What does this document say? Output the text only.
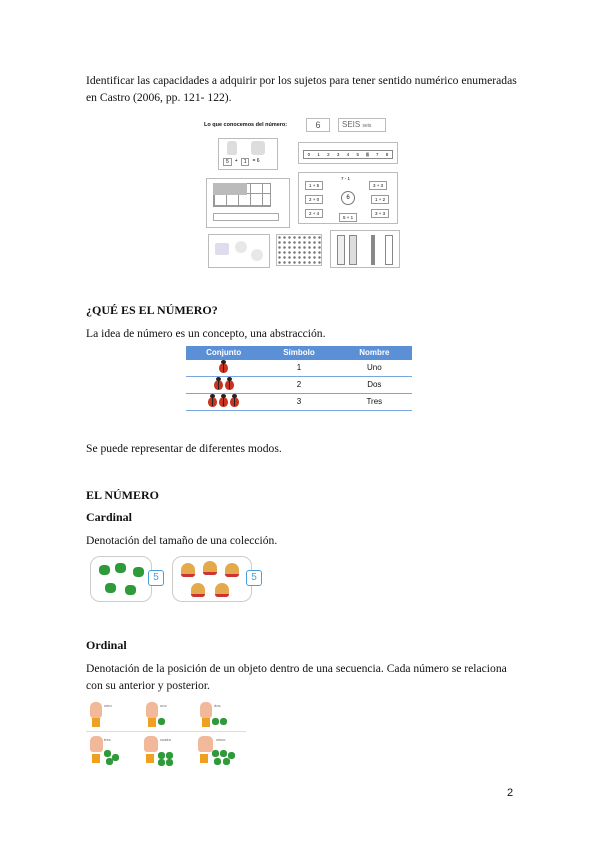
Identificar las capacidades a adquirir por los sujetos para tener sentido numérico enumeradas en Castro (2006, pp. 121- 122).
Lo que conocemos del número:	6	SEIS seis
5	+	1	= 6
0 1 2 3 4 5 6 7 8
6
1 + 5
7 - 1
3 + 3
2 + 4
1 + 2
2 + 0
5 + 1
3 + 3
¿QUÉ ES EL NÚMERO?
La idea de número es un concepto, una abstracción.
Conjunto	Símbolo	Nombre
1	Uno
2	Dos
3	Tres
Se puede representar de diferentes modos.
EL NÚMERO
Cardinal
Denotación del tamaño de una colección.
5	5
Ordinal
Denotación de la posición de un objeto dentro de una secuencia. Cada número se relaciona con su anterior y posterior.
cero	uno	dos
tres	cuatro	cinco
2
